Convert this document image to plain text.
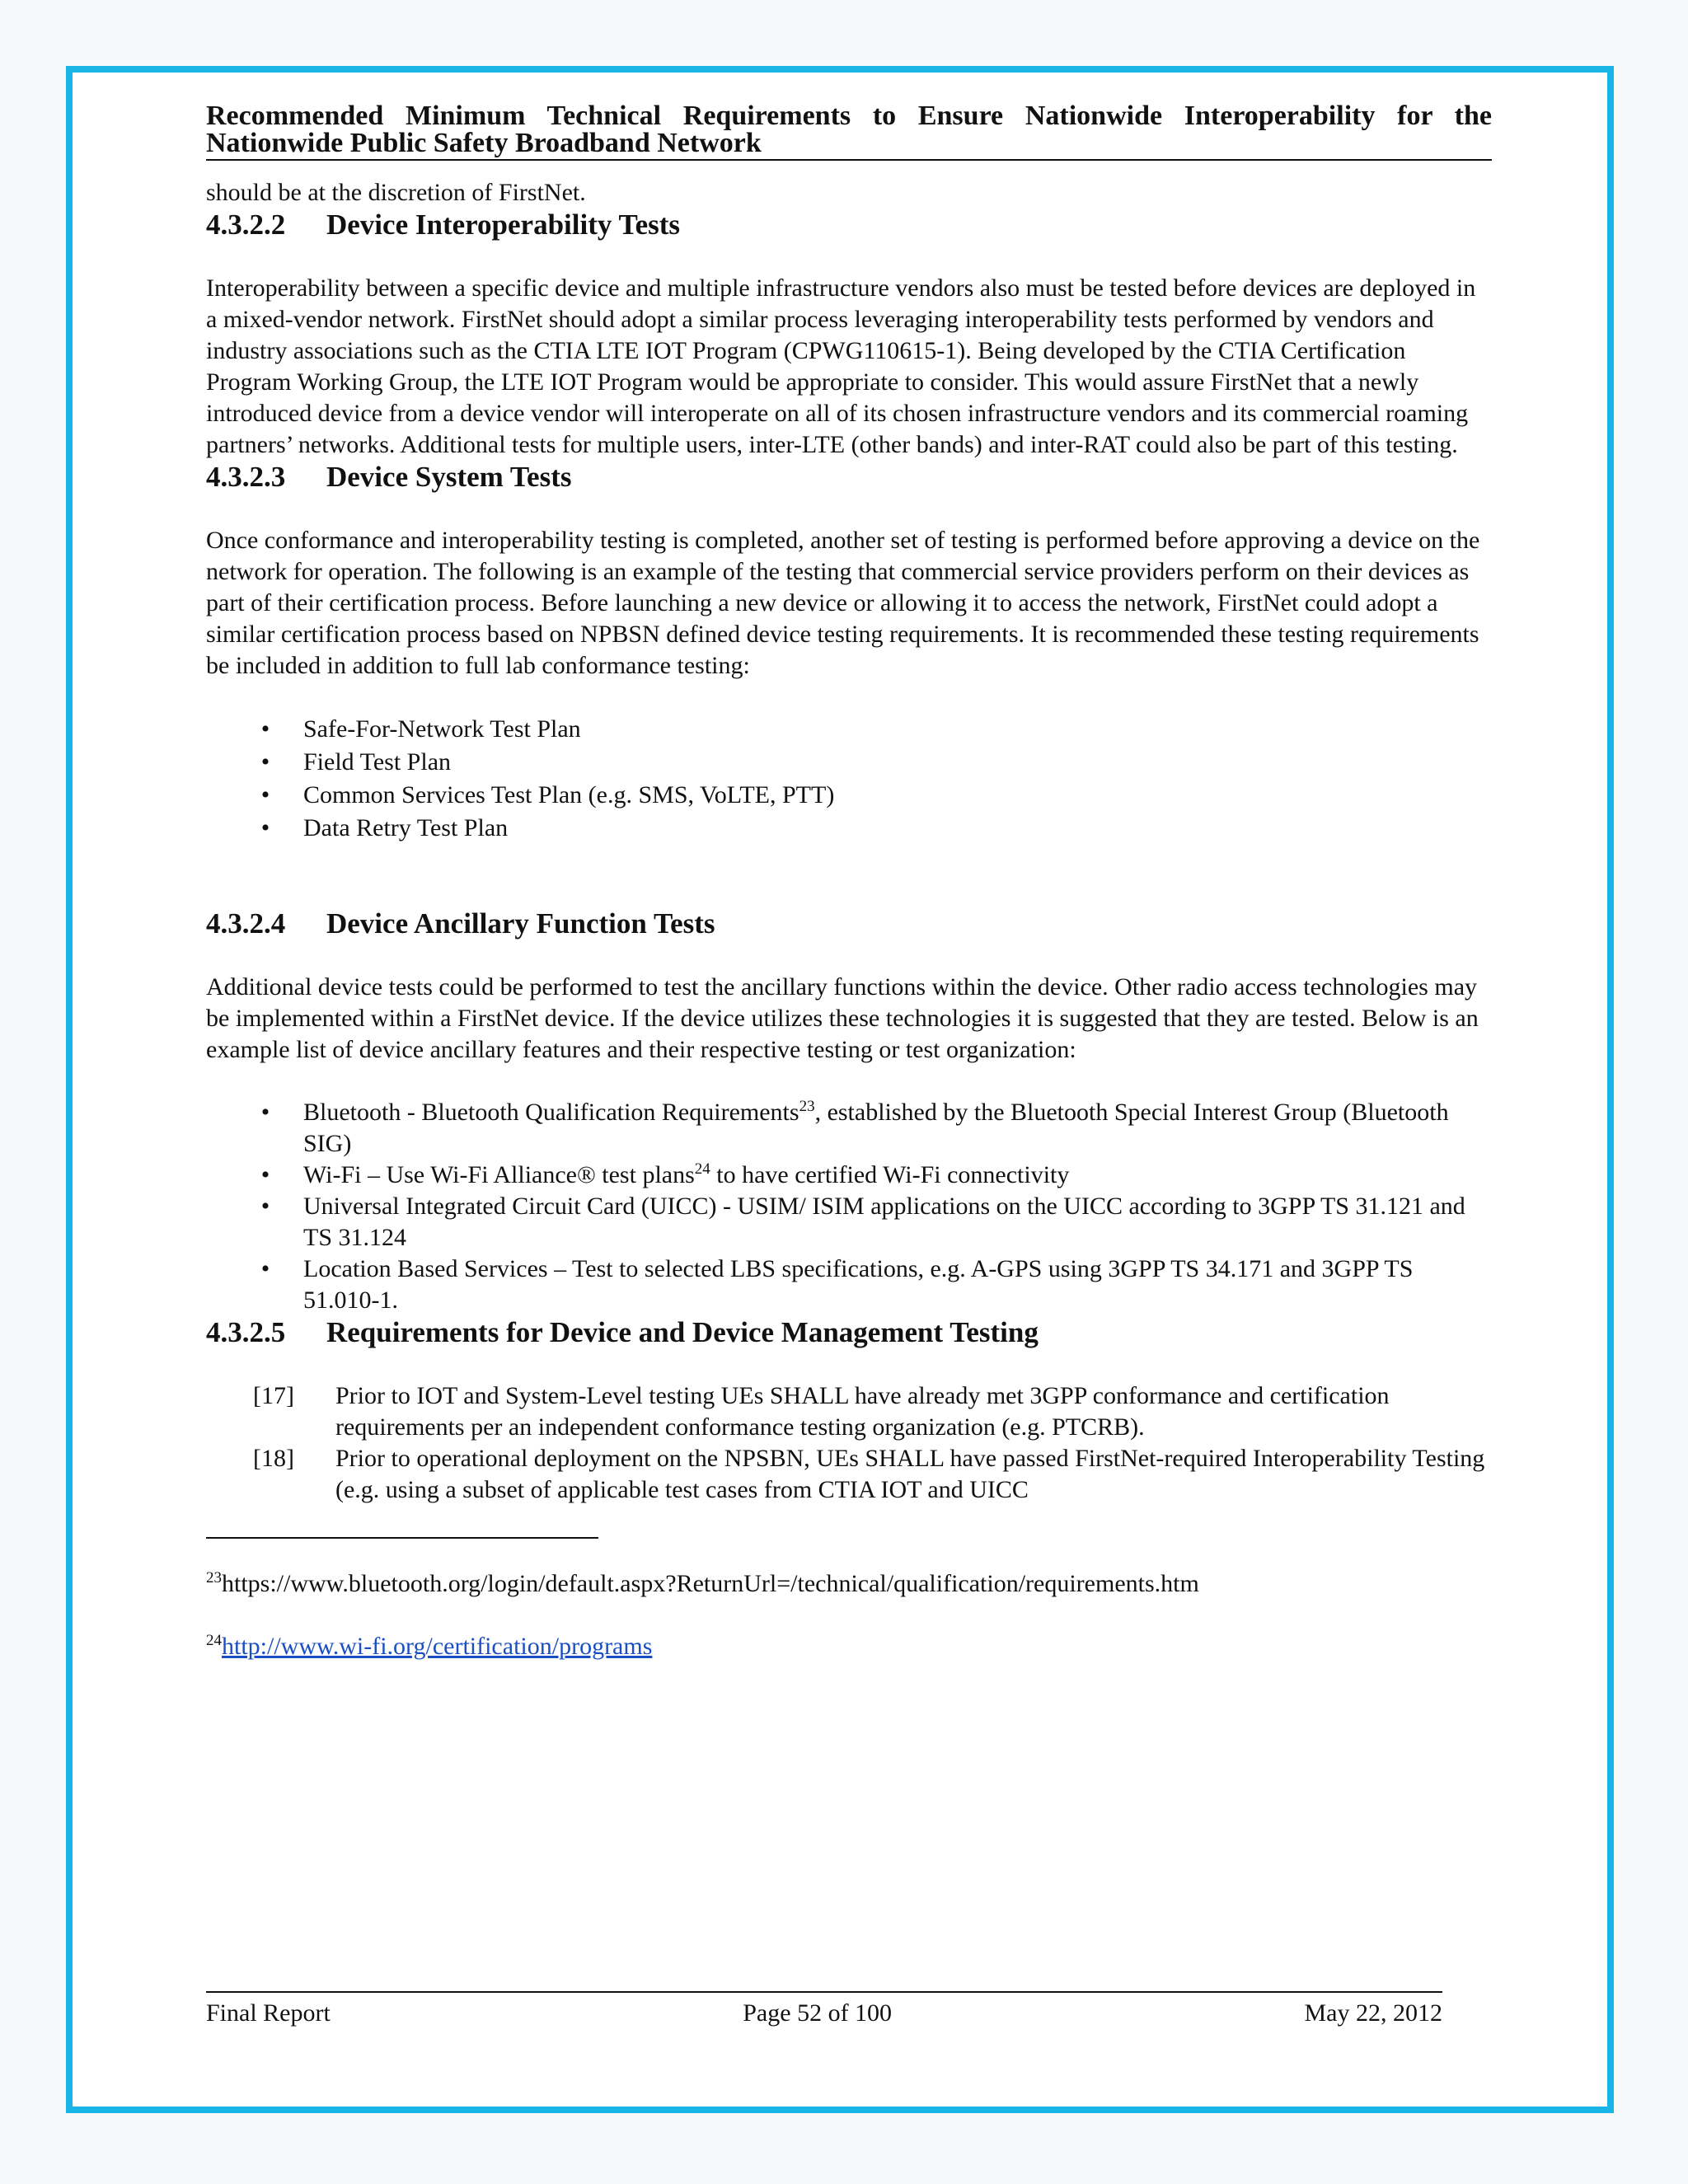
Recommended Minimum Technical Requirements to Ensure Nationwide Interoperability for the Nationwide Public Safety Broadband Network

should be at the discretion of FirstNet.

4.3.2.2	Device Interoperability Tests

Interoperability between a specific device and multiple infrastructure vendors also must be tested before devices are deployed in a mixed-vendor network. FirstNet should adopt a similar process leveraging interoperability tests performed by vendors and industry associations such as the CTIA LTE IOT Program (CPWG110615-1). Being developed by the CTIA Certification Program Working Group, the LTE IOT Program would be appropriate to consider. This would assure FirstNet that a newly introduced device from a device vendor will interoperate on all of its chosen infrastructure vendors and its commercial roaming partners’ networks. Additional tests for multiple users, inter-LTE (other bands) and inter-RAT could also be part of this testing.

4.3.2.3	Device System Tests

Once conformance and interoperability testing is completed, another set of testing is performed before approving a device on the network for operation. The following is an example of the testing that commercial service providers perform on their devices as part of their certification process. Before launching a new device or allowing it to access the network, FirstNet could adopt a similar certification process based on NPBSN defined device testing requirements. It is recommended these testing requirements be included in addition to full lab conformance testing:

• Safe-For-Network Test Plan
• Field Test Plan
• Common Services Test Plan (e.g. SMS, VoLTE, PTT)
• Data Retry Test Plan
4.3.2.4	Device Ancillary Function Tests

Additional device tests could be performed to test the ancillary functions within the device. Other radio access technologies may be implemented within a FirstNet device. If the device utilizes these technologies it is suggested that they are tested. Below is an example list of device ancillary features and their respective testing or test organization:

• Bluetooth - Bluetooth Qualification Requirements$^{23}$, established by the Bluetooth Special Interest Group (Bluetooth SIG)
• Wi-Fi – Use Wi-Fi Alliance® test plans$^{24}$ to have certified Wi-Fi connectivity
• Universal Integrated Circuit Card (UICC) - USIM/ ISIM applications on the UICC according to 3GPP TS 31.121 and TS 31.124
• Location Based Services – Test to selected LBS specifications, e.g. A-GPS using 3GPP TS 34.171 and 3GPP TS 51.010-1.
4.3.2.5	Requirements for Device and Device Management Testing
[17] Prior to IOT and System-Level testing UEs SHALL have already met 3GPP conformance and certification requirements per an independent conformance testing organization (e.g. PTCRB).
[18] Prior to operational deployment on the NPSBN, UEs SHALL have passed FirstNet-required Interoperability Testing (e.g. using a subset of applicable test cases from CTIA IOT and UICC

$^{23}$https://www.bluetooth.org/login/default.aspx?ReturnUrl=/technical/qualification/requirements.htm

$^{24}$http://www.wi-fi.org/certification/programs

Final Report	Page 52 of 100	May 22, 2012
